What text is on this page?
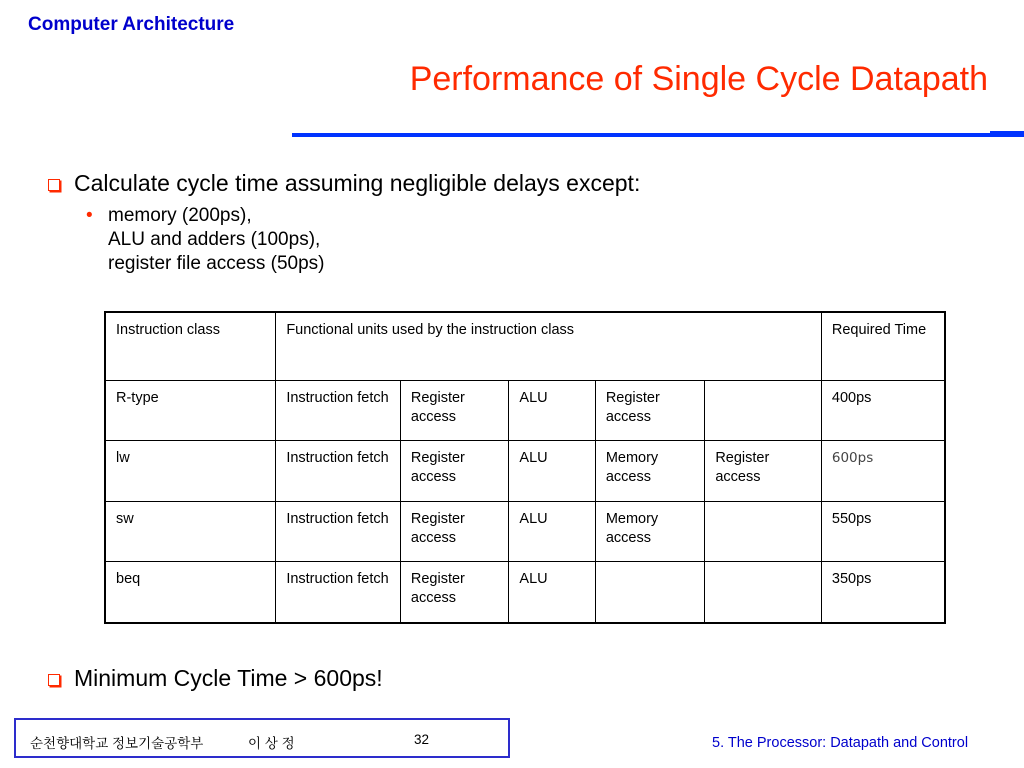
Computer Architecture
Performance of Single Cycle Datapath
Calculate cycle time assuming negligible delays except:
• memory (200ps),
ALU and adders (100ps),
register file access (50ps)
Instruction class	Functional units used by the instruction class					Required Time
R-type	Instruction fetch	Register access	ALU	Register access		400ps
lw	Instruction fetch	Register access	ALU	Memory access	Register access	600ps
sw	Instruction fetch	Register access	ALU	Memory access		550ps
beq	Instruction fetch	Register access	ALU			350ps
Minimum Cycle Time > 600ps!
순천향대학교 정보기술공학부	이 상 정	32	5. The Processor: Datapath and Control
